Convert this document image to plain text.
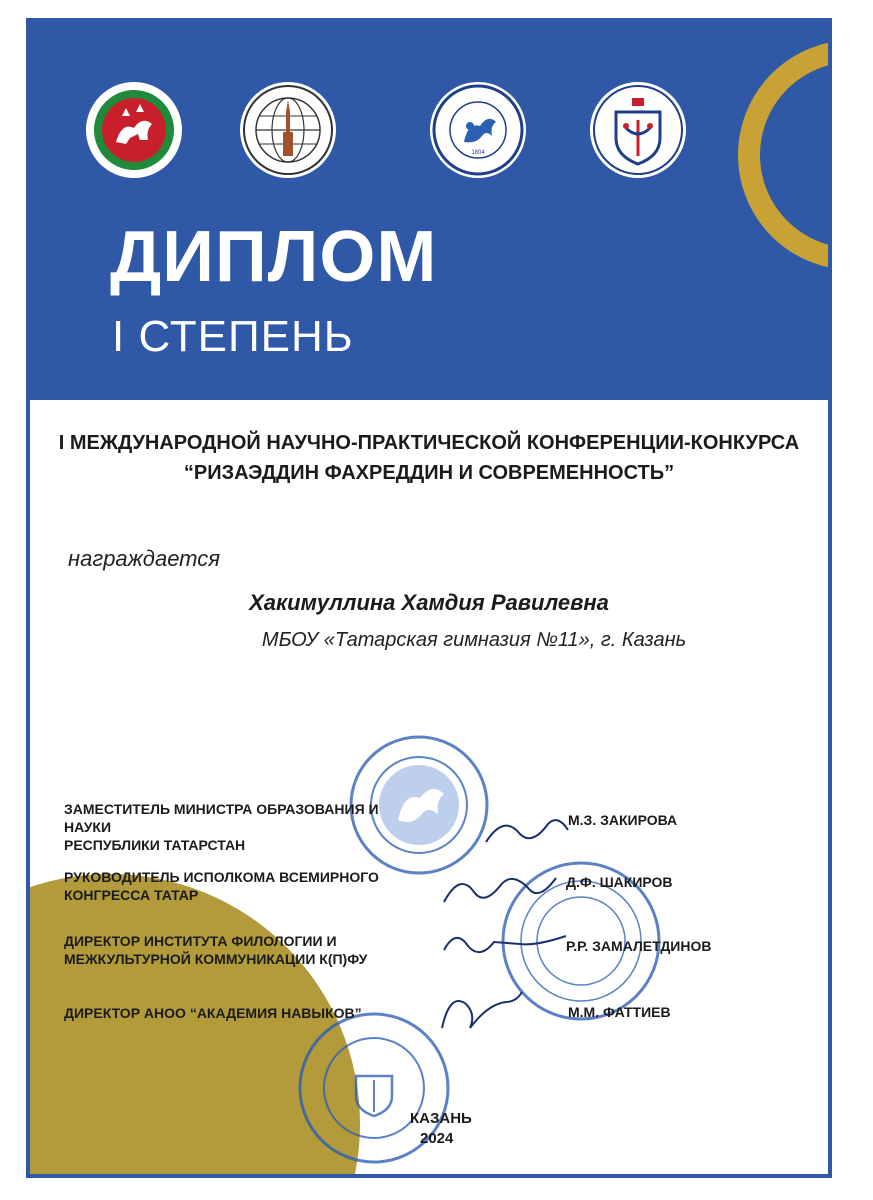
1804
ДИПЛОМ
I СТЕПЕНЬ
I МЕЖДУНАРОДНОЙ НАУЧНО-ПРАКТИЧЕСКОЙ КОНФЕРЕНЦИИ-КОНКУРСА
“РИЗАЭДДИН ФАХРЕДДИН И СОВРЕМЕННОСТЬ”
награждается
Хакимуллина Хамдия Равилевна
МБОУ «Татарская гимназия №11», г. Казань
ЗАМЕСТИТЕЛЬ МИНИСТРА ОБРАЗОВАНИЯ И НАУКИ
РЕСПУБЛИКИ ТАТАРСТАН
М.З. ЗАКИРОВА
РУКОВОДИТЕЛЬ ИСПОЛКОМА ВСЕМИРНОГО
КОНГРЕССА ТАТАР
Д.Ф. ШАКИРОВ
ДИРЕКТОР ИНСТИТУТА ФИЛОЛОГИИ И
МЕЖКУЛЬТУРНОЙ КОММУНИКАЦИИ К(П)ФУ
Р.Р. ЗАМАЛЕТДИНОВ
ДИРЕКТОР АНОО “АКАДЕМИЯ НАВЫКОВ”	М.М. ФАТТИЕВ
КАЗАНЬ
2024
